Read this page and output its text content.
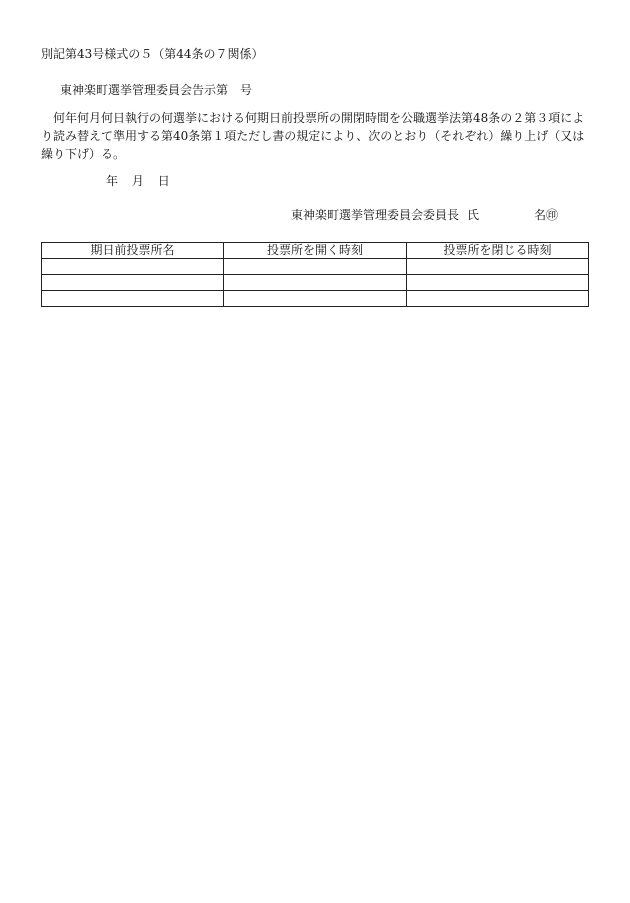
別記第43号様式の５（第44条の７関係）
東神楽町選挙管理委員会告示第　号
何年何月何日執行の何選挙における何期日前投票所の開閉時間を公職選挙法第48条の２第３項により読み替えて準用する第40条第１項ただし書の規定により、次のとおり（それぞれ）繰り上げ（又は繰り下げ）る。
年 月 日
東神楽町選挙管理委員会委員長 氏	名㊞
期日前投票所名	投票所を開く時刻	投票所を閉じる時刻
